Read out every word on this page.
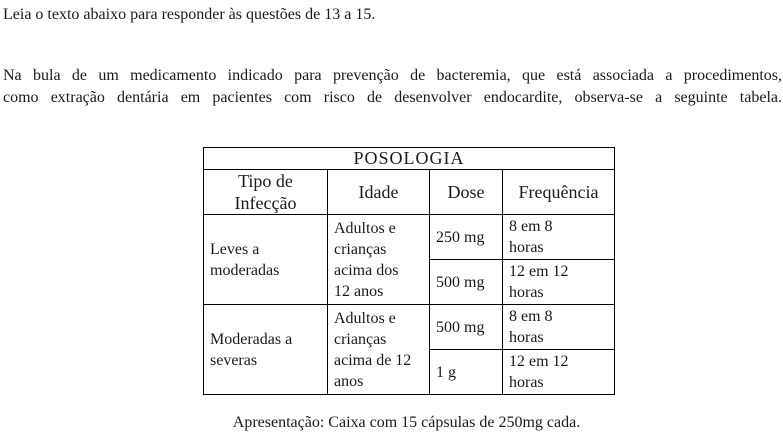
Leia o texto abaixo para responder às questões de 13 a 15.
Na bula de um medicamento indicado para prevenção de bacteremia, que está associada a procedimentos,
como extração dentária em pacientes com risco de desenvolver endocardite, observa-se a seguinte tabela.
POSOLOGIA			
Tipo de Infecção	Idade	Dose	Frequência
Leves a moderadas	Adultos e crianças acima dos 12 anos	250 mg	8 em 8 horas
		500 mg	12 em 12 horas
Moderadas a severas	Adultos e crianças acima de 12 anos	500 mg	8 em 8 horas
		1 g	12 em 12 horas
Apresentação: Caixa com 15 cápsulas de 250mg cada.
